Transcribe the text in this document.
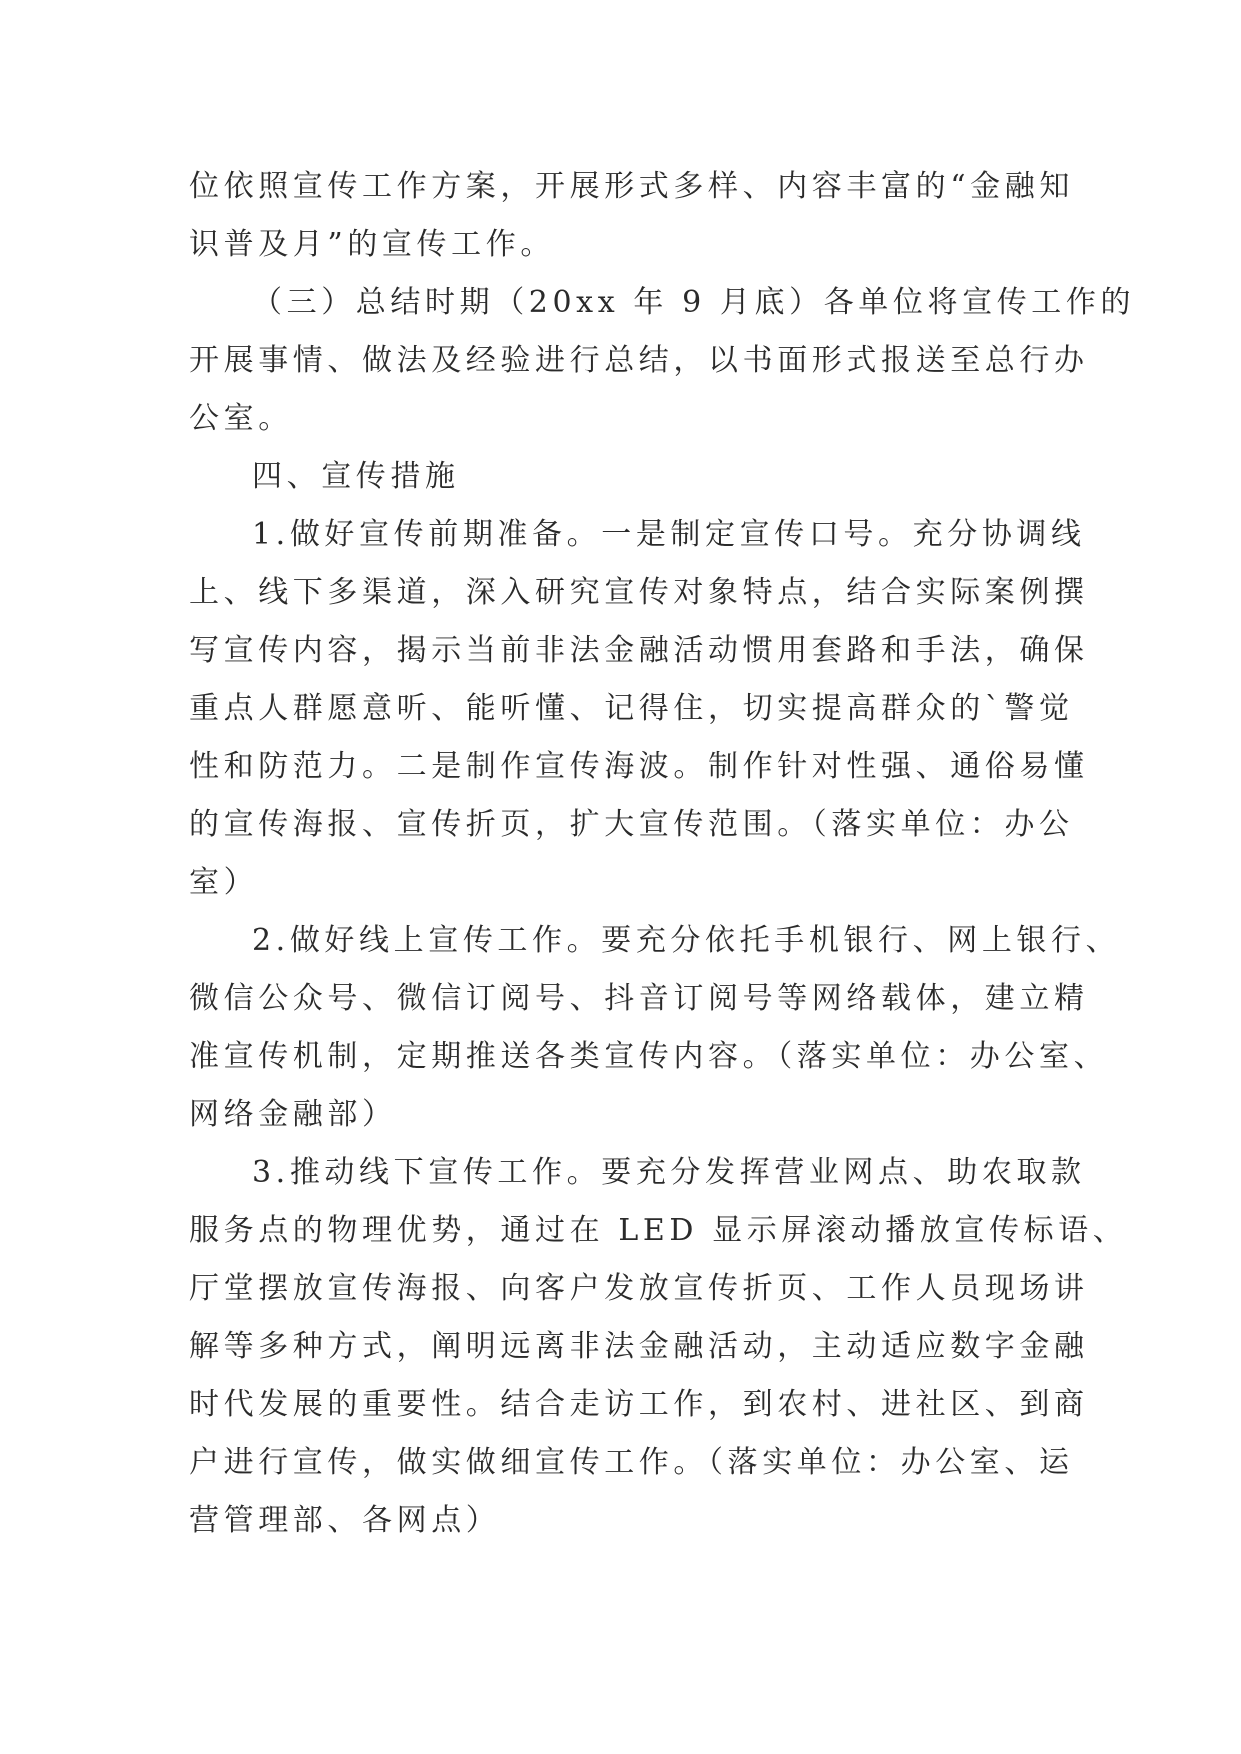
位依照宣传工作方案，开展形式多样、内容丰富的“金融知
识普及月”的宣传工作。
（三）总结时期（20xx 年 9 月底）各单位将宣传工作的
开展事情、做法及经验进行总结，以书面形式报送至总行办
公室。
四、宣传措施
1.做好宣传前期准备。一是制定宣传口号。充分协调线
上、线下多渠道，深入研究宣传对象特点，结合实际案例撰
写宣传内容，揭示当前非法金融活动惯用套路和手法，确保
重点人群愿意听、能听懂、记得住，切实提高群众的`警觉
性和防范力。二是制作宣传海波。制作针对性强、通俗易懂
的宣传海报、宣传折页，扩大宣传范围。（落实单位：办公
室）
2.做好线上宣传工作。要充分依托手机银行、网上银行、
微信公众号、微信订阅号、抖音订阅号等网络载体，建立精
准宣传机制，定期推送各类宣传内容。（落实单位：办公室、
网络金融部）
3.推动线下宣传工作。要充分发挥营业网点、助农取款
服务点的物理优势，通过在 LED 显示屏滚动播放宣传标语、
厅堂摆放宣传海报、向客户发放宣传折页、工作人员现场讲
解等多种方式，阐明远离非法金融活动，主动适应数字金融
时代发展的重要性。结合走访工作，到农村、进社区、到商
户进行宣传，做实做细宣传工作。（落实单位：办公室、运
营管理部、各网点）
